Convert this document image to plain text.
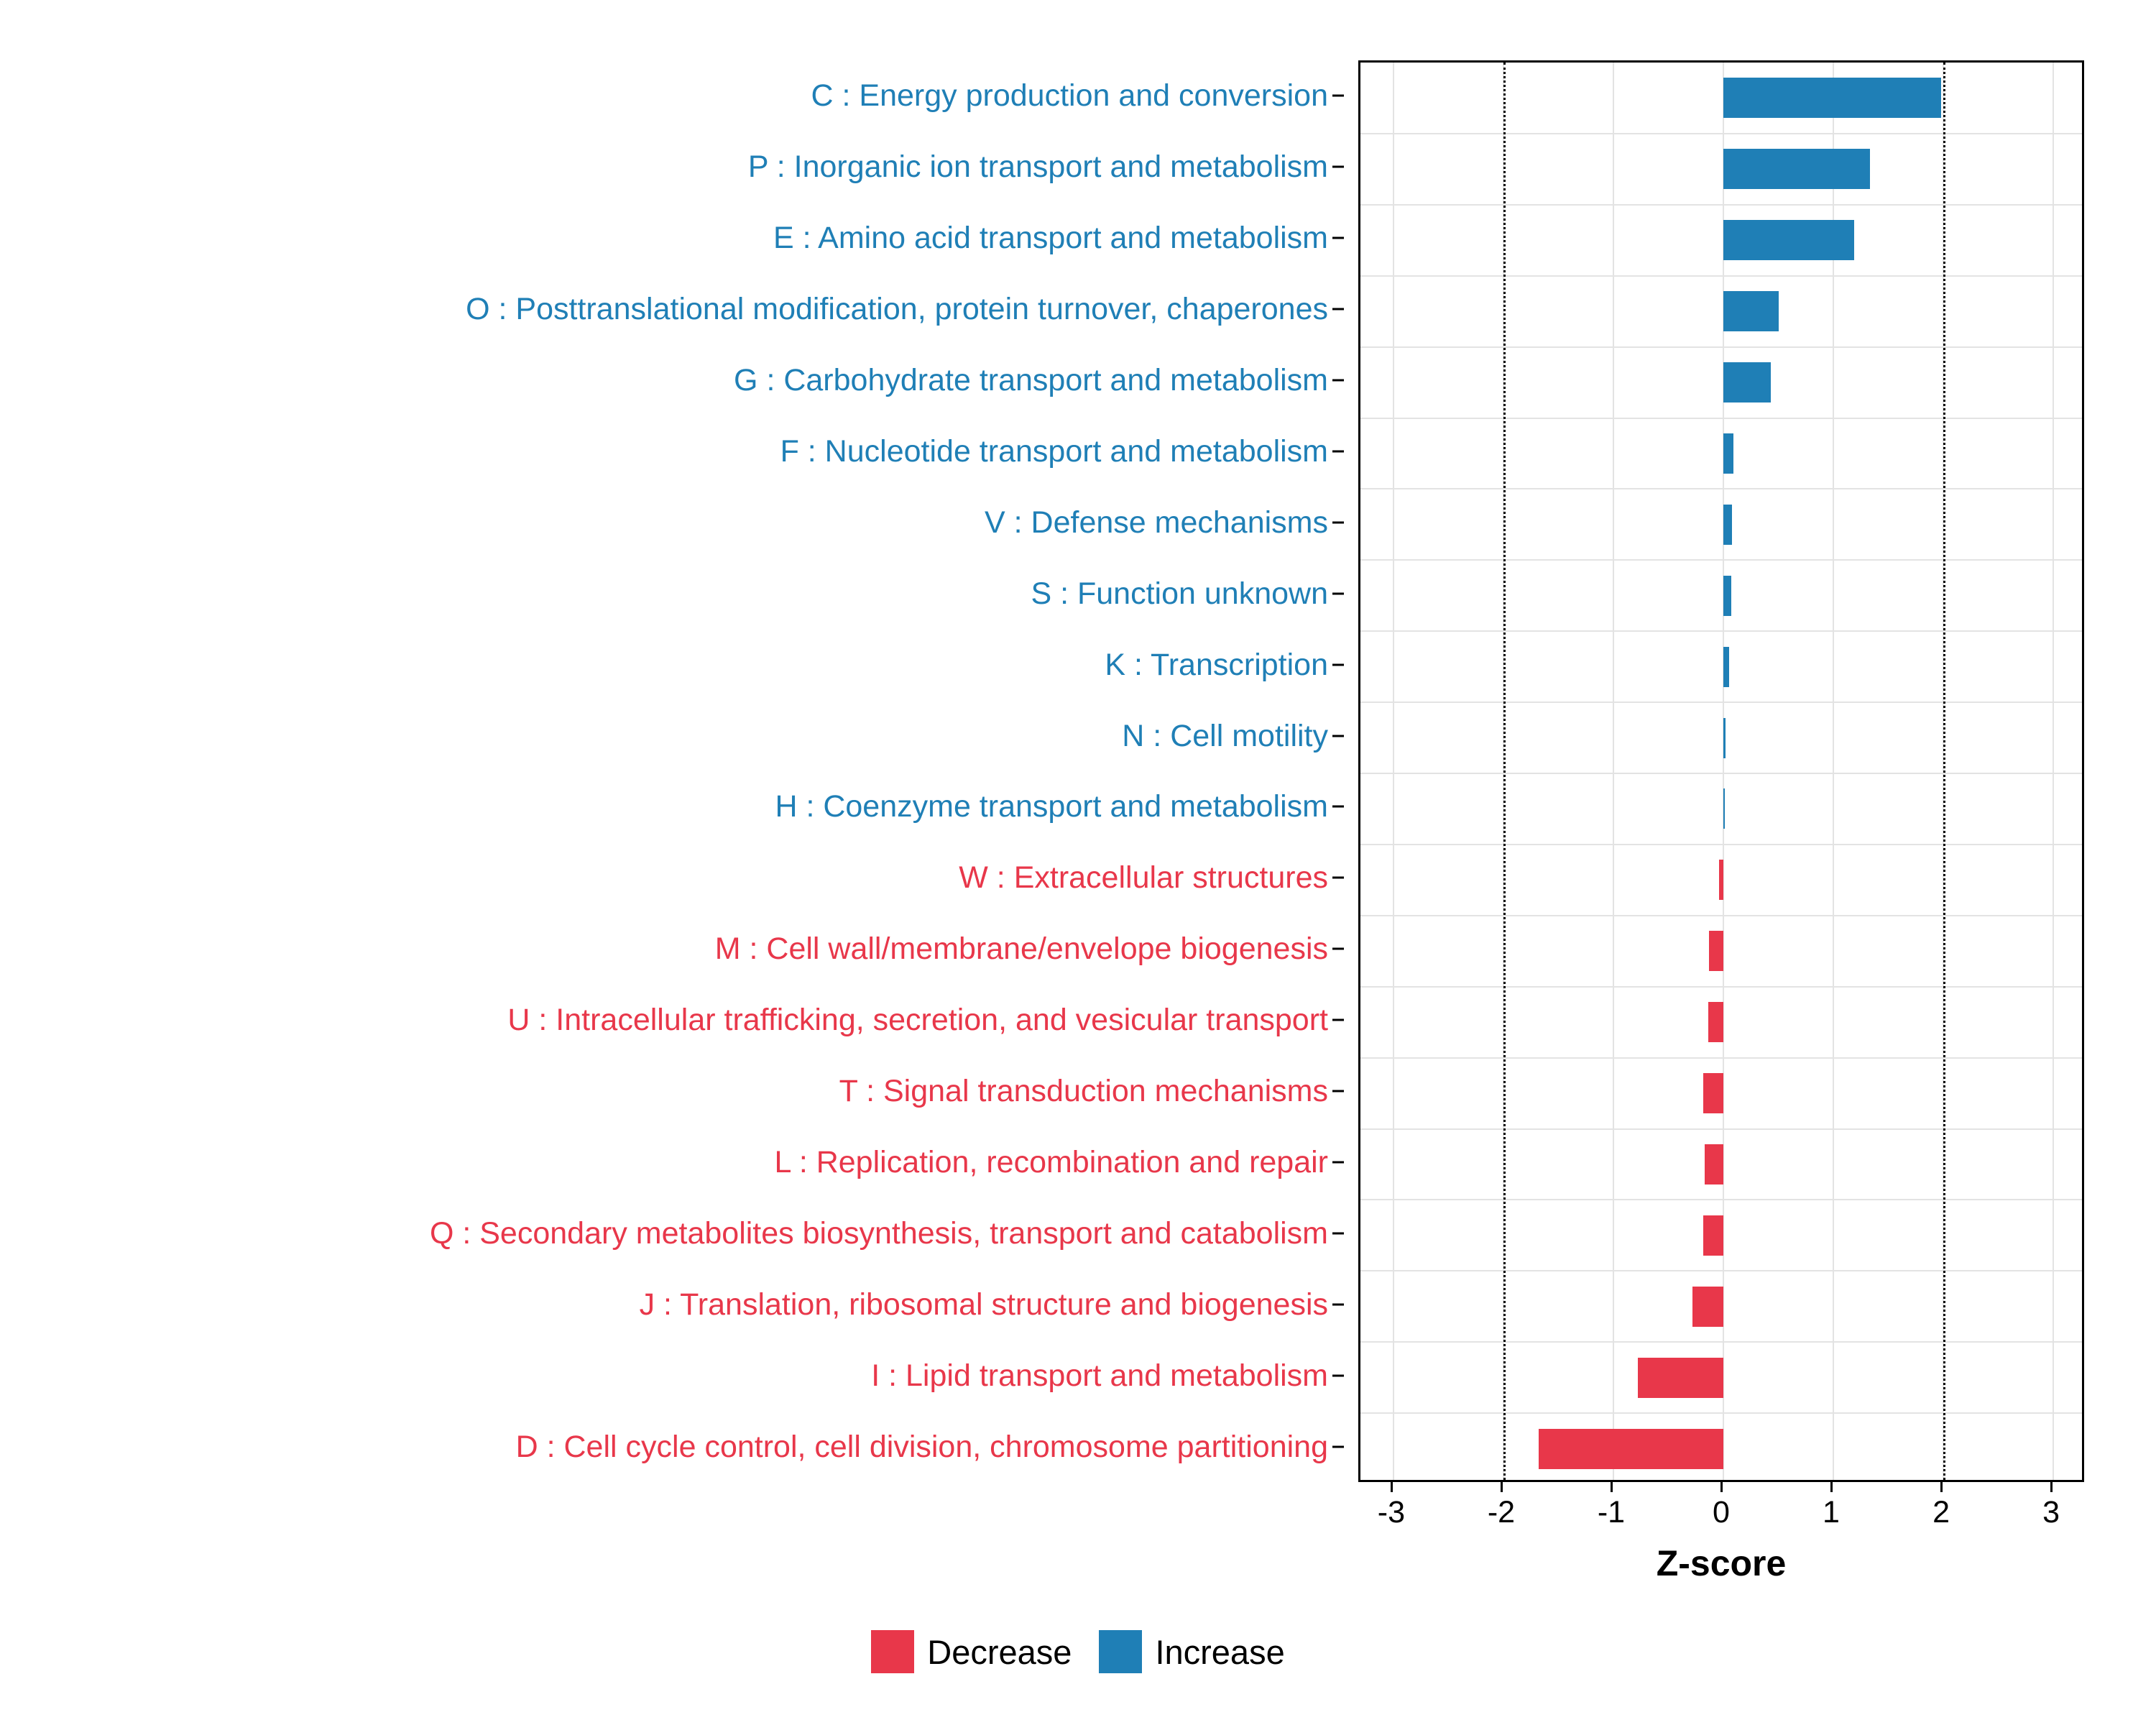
C : Energy production and conversion
P : Inorganic ion transport and metabolism
E : Amino acid transport and metabolism
O : Posttranslational modification, protein turnover, chaperones
G : Carbohydrate transport and metabolism
F : Nucleotide transport and metabolism
V : Defense mechanisms
S : Function unknown
K : Transcription
N : Cell motility
H : Coenzyme transport and metabolism
W : Extracellular structures
M : Cell wall/membrane/envelope biogenesis
U : Intracellular trafficking, secretion, and vesicular transport
T : Signal transduction mechanisms
L : Replication, recombination and repair
Q : Secondary metabolites biosynthesis, transport and catabolism
J : Translation, ribosomal structure and biogenesis
I : Lipid transport and metabolism
D : Cell cycle control, cell division, chromosome partitioning
-3	-2	-1	0	1	2	3
Z-score
Decrease Increase
